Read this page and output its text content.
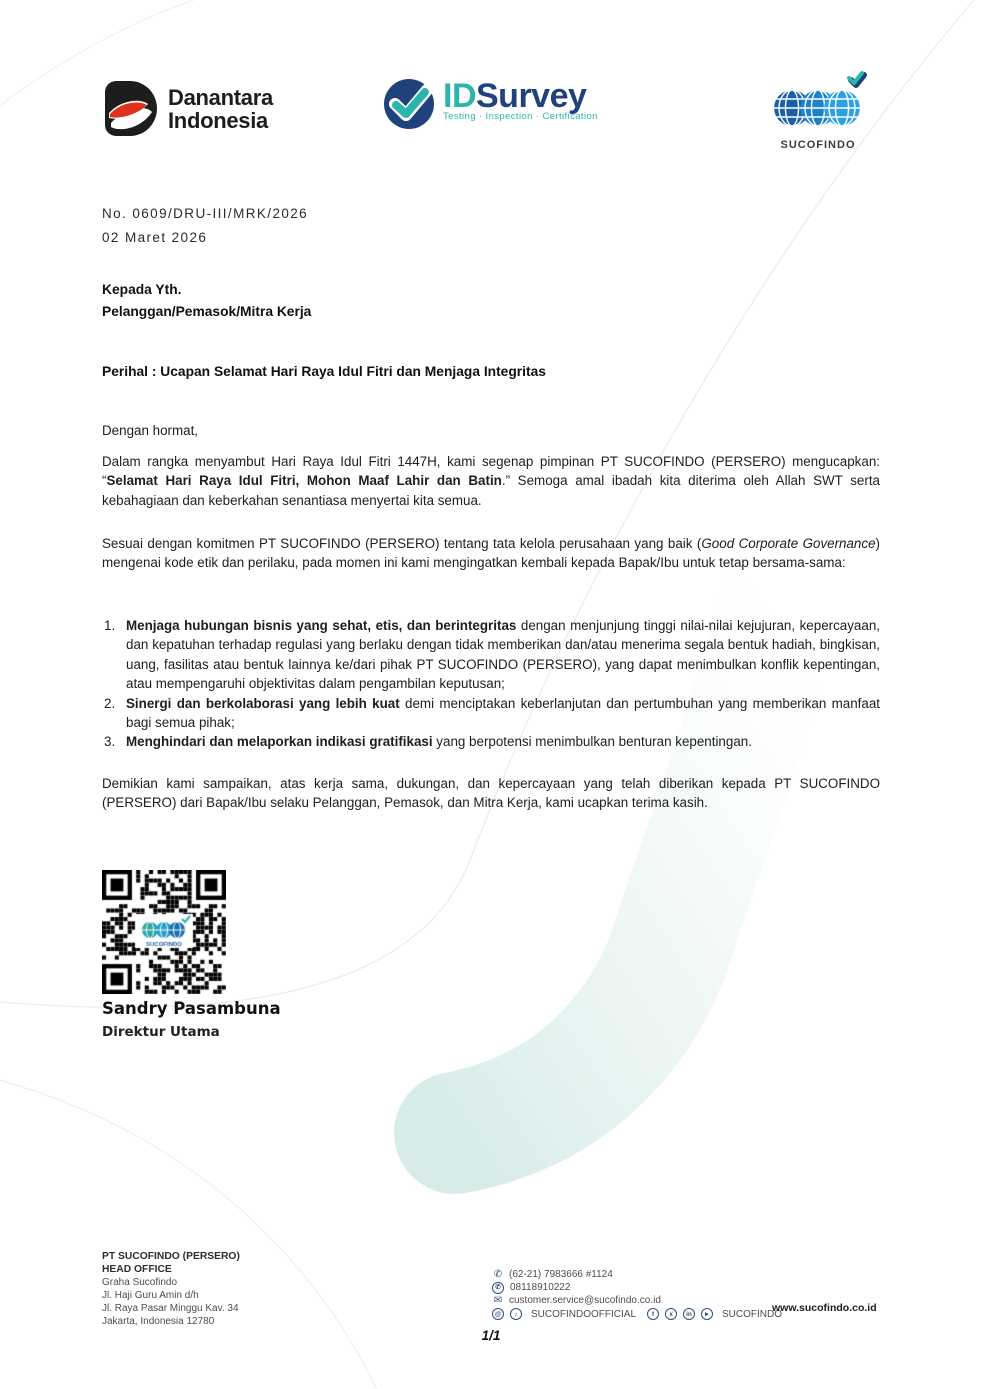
Danantara
Indonesia
IDSurvey
Testing · Inspection · Certification
SUCOFINDO
No. 0609/DRU-III/MRK/2026
02 Maret 2026
Kepada Yth.
Pelanggan/Pemasok/Mitra Kerja
Perihal : Ucapan Selamat Hari Raya Idul Fitri dan Menjaga Integritas
Dengan hormat,
Dalam rangka menyambut Hari Raya Idul Fitri 1447H, kami segenap pimpinan PT SUCOFINDO (PERSERO) mengucapkan: “Selamat Hari Raya Idul Fitri, Mohon Maaf Lahir dan Batin.” Semoga amal ibadah kita diterima oleh Allah SWT serta kebahagiaan dan keberkahan senantiasa menyertai kita semua.
Sesuai dengan komitmen PT SUCOFINDO (PERSERO) tentang tata kelola perusahaan yang baik (Good Corporate Governance) mengenai kode etik dan perilaku, pada momen ini kami mengingatkan kembali kepada Bapak/Ibu untuk tetap bersama-sama:
1. Menjaga hubungan bisnis yang sehat, etis, dan berintegritas dengan menjunjung tinggi nilai-nilai kejujuran, kepercayaan, dan kepatuhan terhadap regulasi yang berlaku dengan tidak memberikan dan/atau menerima segala bentuk hadiah, bingkisan, uang, fasilitas atau bentuk lainnya ke/dari pihak PT SUCOFINDO (PERSERO), yang dapat menimbulkan konflik kepentingan, atau mempengaruhi objektivitas dalam pengambilan keputusan;
2. Sinergi dan berkolaborasi yang lebih kuat demi menciptakan keberlanjutan dan pertumbuhan yang memberikan manfaat bagi semua pihak;
3. Menghindari dan melaporkan indikasi gratifikasi yang berpotensi menimbulkan benturan kepentingan.
Demikian kami sampaikan, atas kerja sama, dukungan, dan kepercayaan yang telah diberikan kepada PT SUCOFINDO (PERSERO) dari Bapak/Ibu selaku Pelanggan, Pemasok, dan Mitra Kerja, kami ucapkan terima kasih.
Sandry Pasambuna
Direktur Utama
PT SUCOFINDO (PERSERO)
HEAD OFFICE
Graha Sucofindo
Jl. Haji Guru Amin d/h
Jl. Raya Pasar Minggu Kav. 34
Jakarta, Indonesia 12780
✆ (62-21) 7983666 #1124
✆ 08118910222
✉ customer.service@sucofindo.co.id
@	♪	SUCOFINDOOFFICIAL	f	x	in	► SUCOFINDO
www.sucofindo.co.id
1/1
